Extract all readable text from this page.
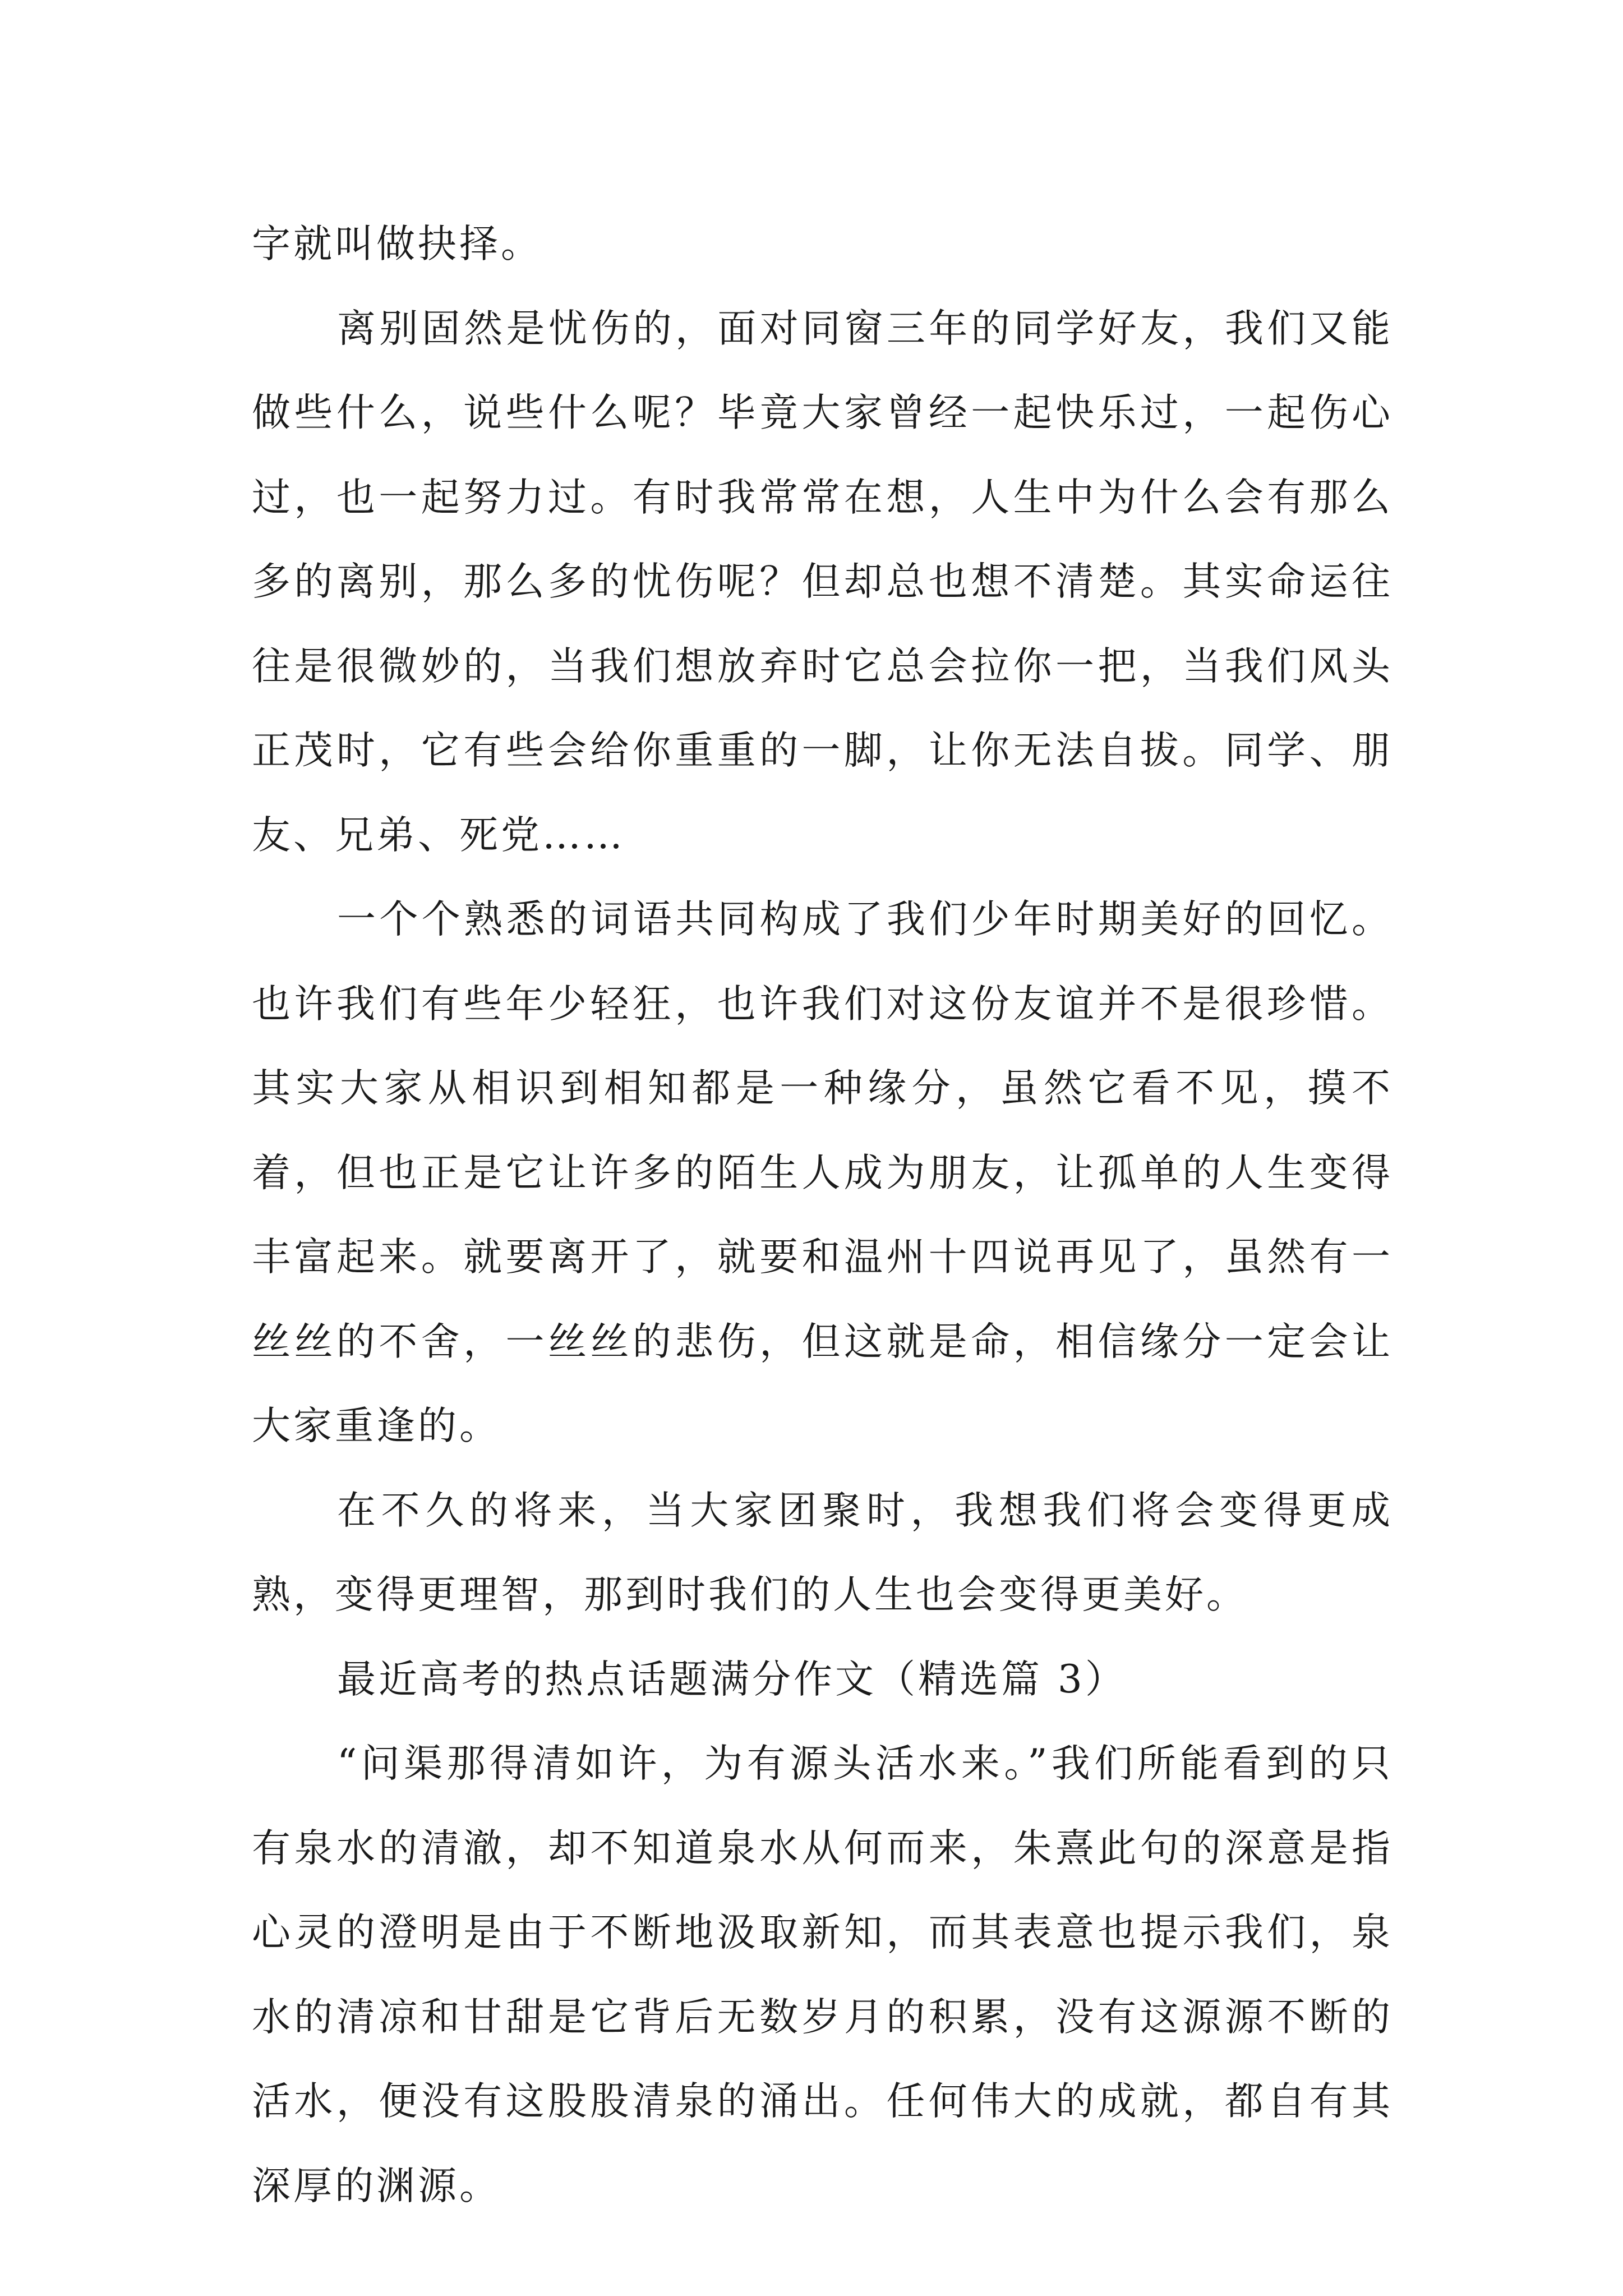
字就叫做抉择。

离别固然是忧伤的，面对同窗三年的同学好友，我们又能做些什么，说些什么呢？毕竟大家曾经一起快乐过，一起伤心过，也一起努力过。有时我常常在想，人生中为什么会有那么多的离别，那么多的忧伤呢？但却总也想不清楚。其实命运往往是很微妙的，当我们想放弃时它总会拉你一把，当我们风头正茂时，它有些会给你重重的一脚，让你无法自拔。同学、朋友、兄弟、死党……

一个个熟悉的词语共同构成了我们少年时期美好的回忆。也许我们有些年少轻狂，也许我们对这份友谊并不是很珍惜。其实大家从相识到相知都是一种缘分，虽然它看不见，摸不着，但也正是它让许多的陌生人成为朋友，让孤单的人生变得丰富起来。就要离开了，就要和温州十四说再见了，虽然有一丝丝的不舍，一丝丝的悲伤，但这就是命，相信缘分一定会让大家重逢的。

在不久的将来，当大家团聚时，我想我们将会变得更成熟，变得更理智，那到时我们的人生也会变得更美好。

最近高考的热点话题满分作文（精选篇 3）

“问渠那得清如许，为有源头活水来。”我们所能看到的只有泉水的清澈，却不知道泉水从何而来，朱熹此句的深意是指心灵的澄明是由于不断地汲取新知，而其表意也提示我们，泉水的清凉和甘甜是它背后无数岁月的积累，没有这源源不断的活水，便没有这股股清泉的涌出。任何伟大的成就，都自有其深厚的渊源。
